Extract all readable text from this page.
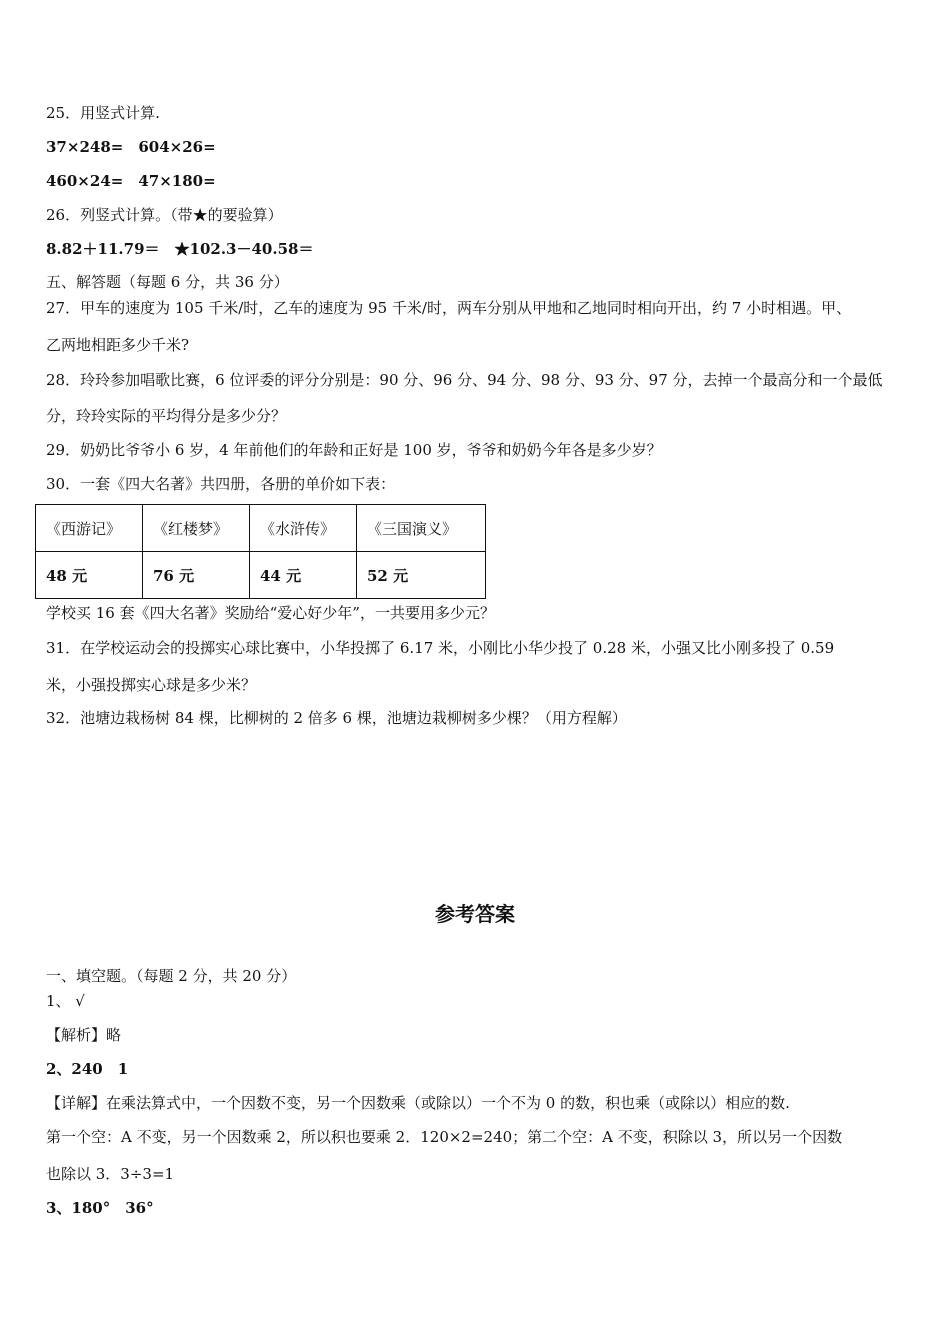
25．用竖式计算.
37×248=　604×26=
460×24=　47×180=
26．列竖式计算。（带★的要验算）
8.82＋11.79＝　★102.3－40.58＝
五、解答题（每题 6 分，共 36 分）
27．甲车的速度为 105 千米/时，乙车的速度为 95 千米/时，两车分别从甲地和乙地同时相向开出，约 7 小时相遇。甲、
乙两地相距多少千米?
28．玲玲参加唱歌比赛，6 位评委的评分分别是：90 分、96 分、94 分、98 分、93 分、97 分，去掉一个最高分和一个最低
分，玲玲实际的平均得分是多少分？
29．奶奶比爷爷小 6 岁，4 年前他们的年龄和正好是 100 岁，爷爷和奶奶今年各是多少岁？
30．一套《四大名著》共四册，各册的单价如下表：
《西游记》	《红楼梦》	《水浒传》	《三国演义》
48 元	76 元	44 元	52 元
学校买 16 套《四大名著》奖励给“爱心好少年”，一共要用多少元？
31．在学校运动会的投掷实心球比赛中，小华投掷了 6.17 米，小刚比小华少投了 0.28 米，小强又比小刚多投了 0.59
米，小强投掷实心球是多少米？
32．池塘边栽杨树 84 棵，比柳树的 2 倍多 6 棵，池塘边栽柳树多少棵？（用方程解）
参考答案
一、填空题。（每题 2 分，共 20 分）
1、 √
【解析】略
2、240　1
【详解】在乘法算式中，一个因数不变，另一个因数乘（或除以）一个不为 0 的数，积也乘（或除以）相应的数.
第一个空：A 不变，另一个因数乘 2，所以积也要乘 2．120×2=240；第二个空：A 不变，积除以 3，所以另一个因数
也除以 3．3÷3=1
3、180°　36°
